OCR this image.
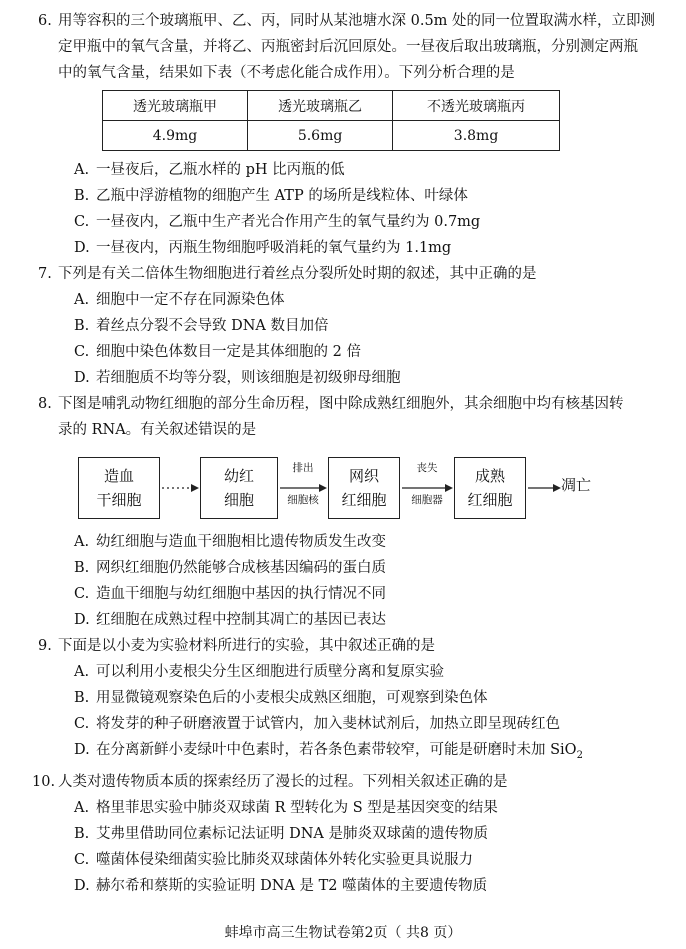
6. 用等容积的三个玻璃瓶甲、乙、丙，同时从某池塘水深 0.5m 处的同一位置取满水样，立即测
定甲瓶中的氧气含量，并将乙、丙瓶密封后沉回原处。一昼夜后取出玻璃瓶，分别测定两瓶
中的氧气含量，结果如下表（不考虑化能合成作用）。下列分析合理的是
透光玻璃瓶甲	透光玻璃瓶乙	不透光玻璃瓶丙
4.9mg	5.6mg	3.8mg
A. 一昼夜后，乙瓶水样的 pH 比丙瓶的低
B. 乙瓶中浮游植物的细胞产生 ATP 的场所是线粒体、叶绿体
C. 一昼夜内，乙瓶中生产者光合作用产生的氧气量约为 0.7mg
D. 一昼夜内，丙瓶生物细胞呼吸消耗的氧气量约为 1.1mg
7. 下列是有关二倍体生物细胞进行着丝点分裂所处时期的叙述，其中正确的是
A. 细胞中一定不存在同源染色体
B. 着丝点分裂不会导致 DNA 数目加倍
C. 细胞中染色体数目一定是其体细胞的 2 倍
D. 若细胞质不均等分裂，则该细胞是初级卵母细胞
8. 下图是哺乳动物红细胞的部分生命历程，图中除成熟红细胞外，其余细胞中均有核基因转
录的 RNA。有关叙述错误的是
造血
干细胞
幼红
细胞
排出
细胞核
网织
红细胞
丧失
细胞器
成熟
红细胞
凋亡
A. 幼红细胞与造血干细胞相比遗传物质发生改变
B. 网织红细胞仍然能够合成核基因编码的蛋白质
C. 造血干细胞与幼红细胞中基因的执行情况不同
D. 红细胞在成熟过程中控制其凋亡的基因已表达
9. 下面是以小麦为实验材料所进行的实验，其中叙述正确的是
A. 可以利用小麦根尖分生区细胞进行质壁分离和复原实验
B. 用显微镜观察染色后的小麦根尖成熟区细胞，可观察到染色体
C. 将发芽的种子研磨液置于试管内，加入斐林试剂后，加热立即呈现砖红色
D. 在分离新鲜小麦绿叶中色素时，若各条色素带较窄，可能是研磨时未加 SiO$_2$
10. 人类对遗传物质本质的探索经历了漫长的过程。下列相关叙述正确的是
A. 格里菲思实验中肺炎双球菌 R 型转化为 S 型是基因突变的结果
B. 艾弗里借助同位素标记法证明 DNA 是肺炎双球菌的遗传物质
C. 噬菌体侵染细菌实验比肺炎双球菌体外转化实验更具说服力
D. 赫尔希和蔡斯的实验证明 DNA 是 T2 噬菌体的主要遗传物质
蚌埠市高三生物试卷第2页（ 共8 页）
